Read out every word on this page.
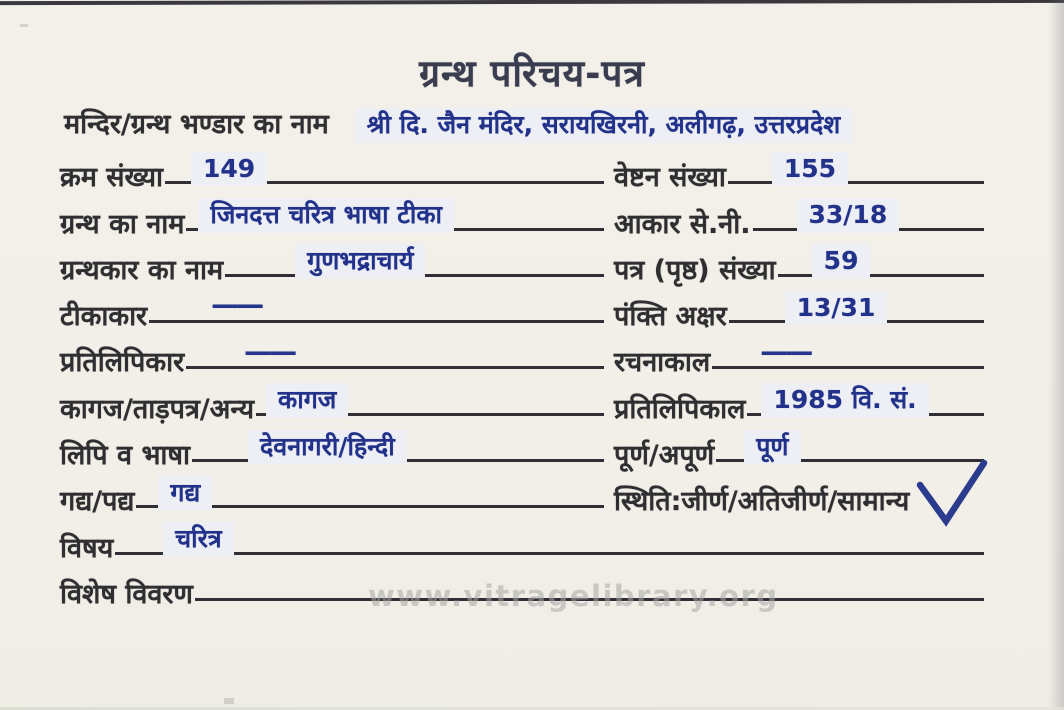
ग्रन्थ परिचय-पत्र
मन्दिर/ग्रन्थ भण्डार का नाम	श्री दि. जैन मंदिर, सरायखिरनी, अलीगढ़, उत्तरप्रदेश
क्रम संख्या	149	वेष्टन संख्या	155
ग्रन्थ का नाम	जिनदत्त चरित्र भाषा टीका	आकार से.नी.	33/18
ग्रन्थकार का नाम	गुणभद्राचार्य	पत्र (पृष्ठ) संख्या	59
टीकाकार ——	पंक्ति अक्षर	13/31
प्रतिलिपिकार ——	रचनाकाल ——
कागज/ताड़पत्र/अन्य कागज	प्रतिलिपिकाल	1985 वि. सं.
लिपि व भाषा	देवनागरी/हिन्दी	पूर्ण/अपूर्ण	पूर्ण
गद्य/पद्य	गद्य	स्थिति:जीर्ण/अतिजीर्ण/सामान्य
विषय	चरित्र
विशेष विवरण	www.vitragelibrary.org
